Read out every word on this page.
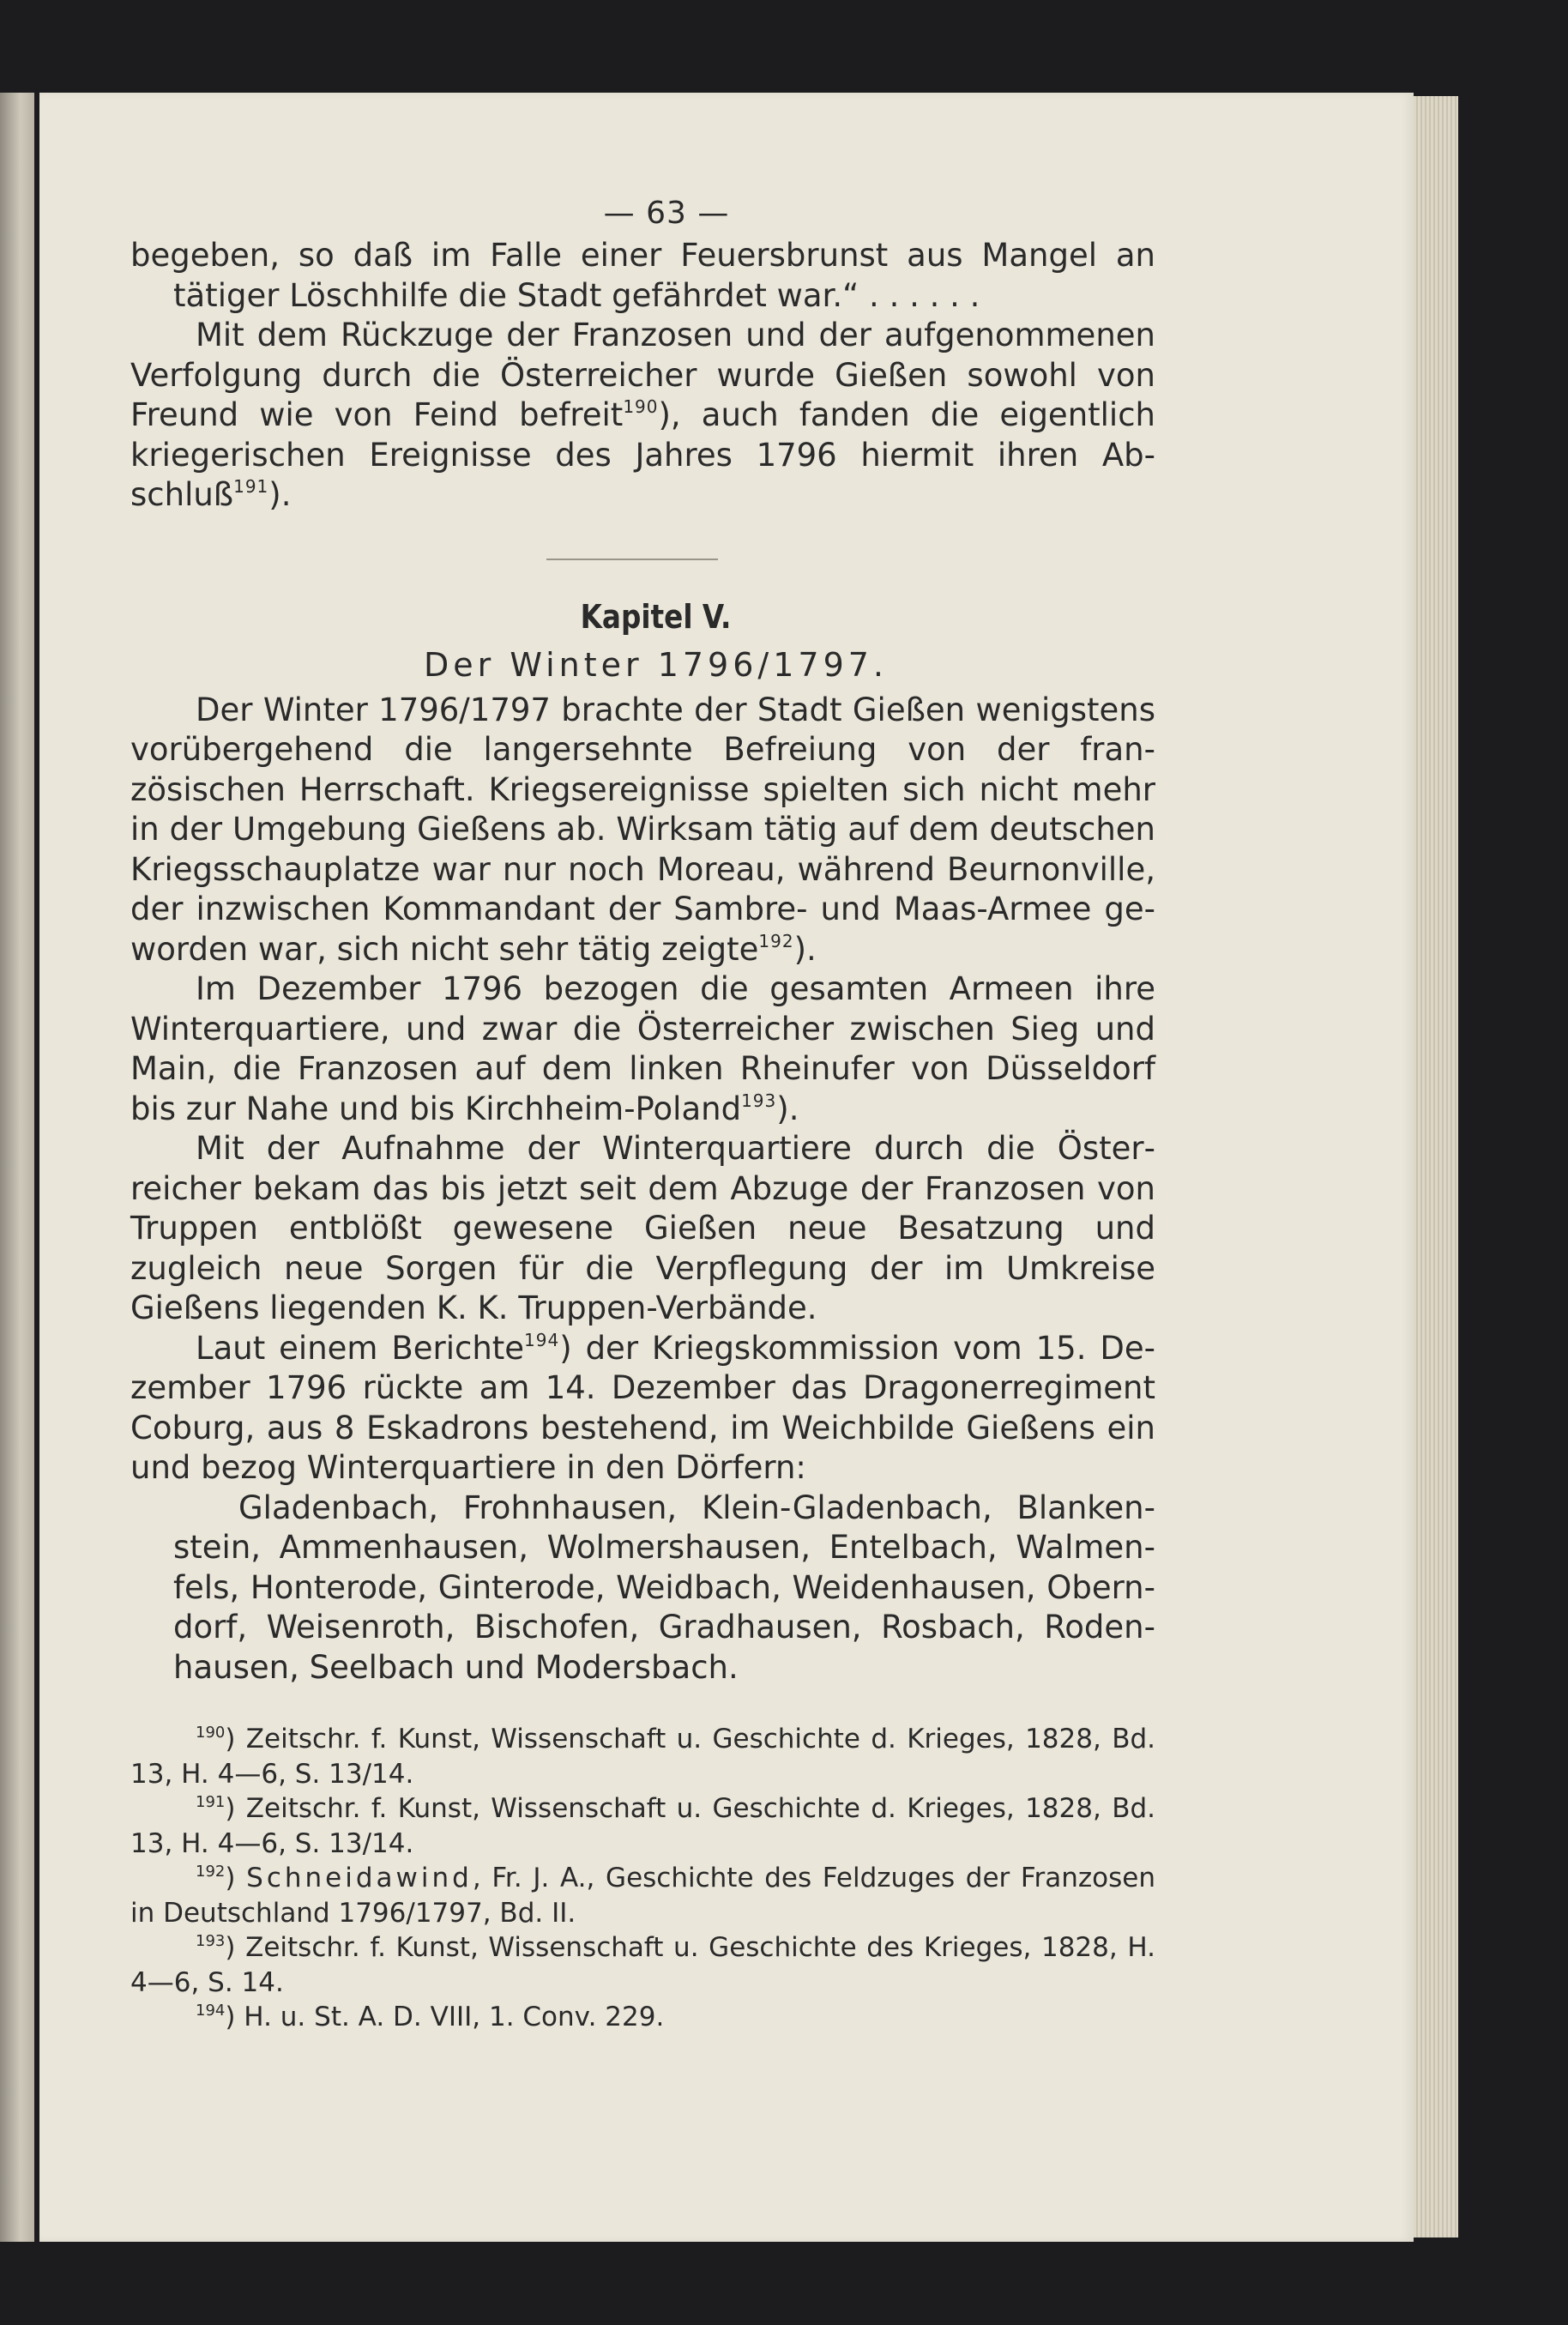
— 63 —

begeben, so daß im Falle einer Feuersbrunst aus Mangel an

tätiger Löschhilfe die Stadt gefährdet war.“ . . . . . .

Mit dem Rückzuge der Franzosen und der aufgenommenen Verfolgung durch die Österreicher wurde Gießen sowohl von Freund wie von Feind befreit$^{190}$), auch fanden die eigentlich kriegerischen Ereignisse des Jahres 1796 hiermit ihren Abschluß$^{191}$).

Kapitel V.
Der Winter 1796/1797.

Der Winter 1796/1797 brachte der Stadt Gießen wenigstens vorübergehend die langersehnte Befreiung von der französischen Herrschaft. Kriegsereignisse spielten sich nicht mehr in der Umgebung Gießens ab. Wirksam tätig auf dem deutschen Kriegsschauplatze war nur noch Moreau, während Beurnonville, der inzwischen Kommandant der Sambre- und Maas-Armee geworden war, sich nicht sehr tätig zeigte$^{192}$).

Im Dezember 1796 bezogen die gesamten Armeen ihre Winterquartiere, und zwar die Österreicher zwischen Sieg und Main, die Franzosen auf dem linken Rheinufer von Düsseldorf bis zur Nahe und bis Kirchheim-Poland$^{193}$).

Mit der Aufnahme der Winterquartiere durch die Österreicher bekam das bis jetzt seit dem Abzuge der Franzosen von Truppen entblößt gewesene Gießen neue Besatzung und zugleich neue Sorgen für die Verpflegung der im Umkreise Gießens liegenden K. K. Truppen-Verbände.

Laut einem Berichte$^{194}$) der Kriegskommission vom 15. Dezember 1796 rückte am 14. Dezember das Dragonerregiment Coburg, aus 8 Eskadrons bestehend, im Weichbilde Gießens ein und bezog Winterquartiere in den Dörfern:

Gladenbach, Frohnhausen, Klein-Gladenbach, Blankenstein, Ammenhausen, Wolmershausen, Entelbach, Walmenfels, Honterode, Ginterode, Weidbach, Weidenhausen, Oberndorf, Weisenroth, Bischofen, Gradhausen, Rosbach, Rodenhausen, Seelbach und Modersbach.

$^{190}$) Zeitschr. f. Kunst, Wissenschaft u. Geschichte d. Krieges, 1828, Bd. 13, H. 4—6, S. 13/14.

$^{191}$) Zeitschr. f. Kunst, Wissenschaft u. Geschichte d. Krieges, 1828, Bd. 13, H. 4—6, S. 13/14.

$^{192}$) Schneidawind, Fr. J. A., Geschichte des Feldzuges der Franzosen in Deutschland 1796/1797, Bd. II.

$^{193}$) Zeitschr. f. Kunst, Wissenschaft u. Geschichte des Krieges, 1828, H. 4—6, S. 14.

$^{194}$) H. u. St. A. D. VIII, 1. Conv. 229.
